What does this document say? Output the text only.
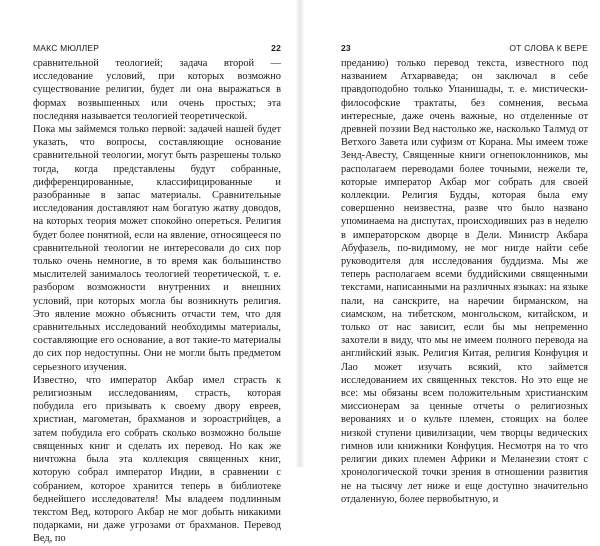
МАКС МЮЛЛЕР	22

сравнительной теологией; задача второй — исследование условий, при которых возможно существование религии, будет ли она выражаться в формах возвышенных или очень простых; эта последняя называется теологией теоретической.

Пока мы займемся только первой: задачей нашей будет указать, что вопросы, составляющие основание сравнительной теологии, могут быть разрешены только тогда, когда представлены будут собранные, дифференцированные, классифицированные и разобранные в запас материалы. Сравнительные исследования доставляют нам богатую жатву доводов, на которых теория может спокойно опереться. Религия будет более понятной, если на явление, относящееся по сравнительной теологии не интересовали до сих пор только очень немногие, в то время как большинство мыслителей занималось теологией теоретической, т. е. разбором возможности внутренних и внешних условий, при которых могла бы возникнуть религия. Это явление можно объяснить отчасти тем, что для сравнительных исследований необходимы материалы, составляющие его основание, а вот такие-то материалы до сих пор недоступны. Они не могли быть предметом серьезного изучения.

Известно, что император Акбар имел страсть к религиозным исследованиям, страсть, которая побудила его призывать к своему двору евреев, христиан, магометан, брахманов и зороастрийцев, а затем побудила его собрать сколько возможно больше священных книг и сделать их перевод. Но как же ничтожна была эта коллекция священных книг, которую собрал император Индии, в сравнении с собранием, которое хранится теперь в библиотеке беднейшего исследователя! Мы владеем подлинным текстом Вед, которого Акбар не мог добыть никакими подарками, ни даже угрозами от брахманов. Перевод Вед, по

23	ОТ СЛОВА К ВЕРЕ

преданию) только перевод текста, известного под названием Атхарваведа; он заключал в себе правдоподобно только Упанишады, т. е. мистически-философские трактаты, без сомнения, весьма интересные, даже очень важные, но отделенные от древней поэзии Вед настолько же, насколько Талмуд от Ветхого Завета или суфизм от Корана. Мы имеем тоже Зенд-Авесту, Священные книги огнепоклонников, мы располагаем переводами более точными, нежели те, которые император Акбар мог собрать для своей коллекции. Религия Будды, которая была ему совершенно неизвестна, разве что было названо упоминаема на диспутах, происходивших раз в неделю в императорском дворце в Дели. Министр Акбара Абуфазель, по-видимому, не мог нигде найти себе руководителя для исследования буддизма. Мы же теперь располагаем всеми буддийскими священными текстами, написанными на различных языках: на языке пали, на санскрите, на наречии бирманском, на сиамском, на тибетском, монгольском, китайском, и только от нас зависит, если бы мы непременно захотели в виду, что мы не имеем полного перевода на английский язык. Религия Китая, религия Конфуция и Лао может изучать всякий, кто займется исследованием их священных текстов. Но это еще не все: мы обязаны всем положительным христианским миссионерам за ценные отчеты о религиозных верованиях и о культе племен, стоящих на более низкой ступени цивилизации, чем творцы ведических гимнов или книжники Конфуция. Несмотря на то что религии диких племен Африки и Меланезии стоят с хронологической точки зрения в отношении развития не на тысячу лет ниже и еще доступно значительно отдаленную, более первобытную, и
